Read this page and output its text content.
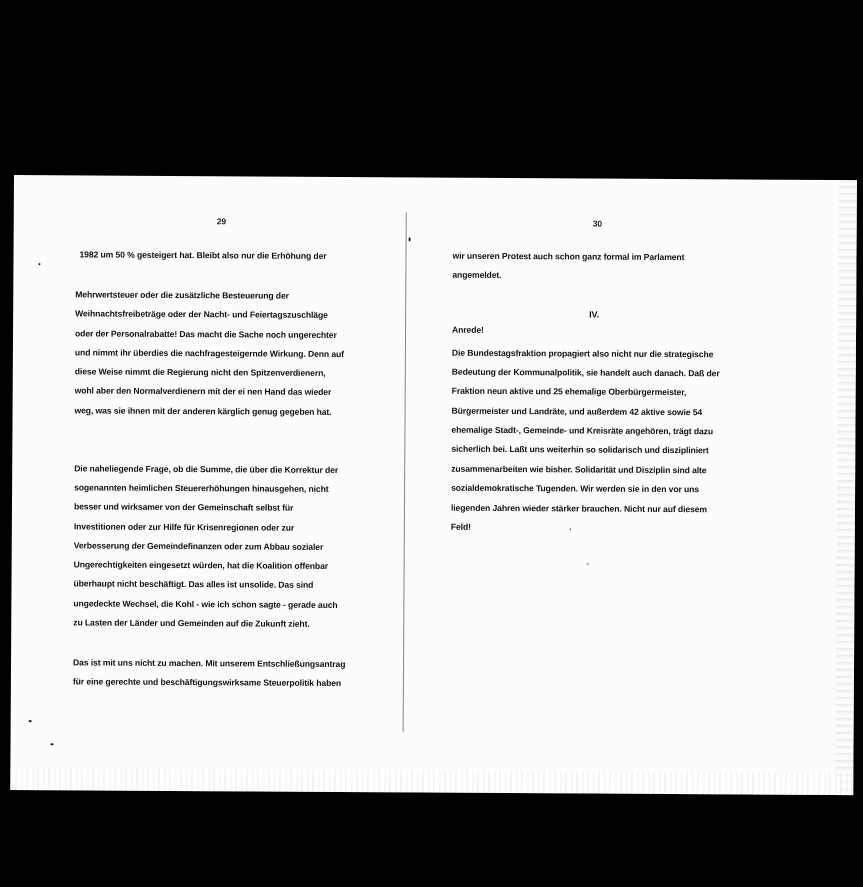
29	30
1982 um 50 % gesteigert hat. Bleibt also nur die Erhöhung der
Mehrwertsteuer oder die zusätzliche Besteuerung der
Weihnachtsfreibeträge oder der Nacht- und Feiertagszuschläge
oder der Personalrabatte! Das macht die Sache noch ungerechter
und nimmt ihr überdies die nachfragesteigernde Wirkung. Denn auf
diese Weise nimmt die Regierung nicht den Spitzenverdienern,
wohl aber den Normalverdienern mit der ei nen Hand das wieder
weg, was sie ihnen mit der anderen kärglich genug gegeben hat.
Die naheliegende Frage, ob die Summe, die über die Korrektur der
sogenannten heimlichen Steuererhöhungen hinausgehen, nicht
besser und wirksamer von der Gemeinschaft selbst für
Investitionen oder zur Hilfe für Krisenregionen oder zur
Verbesserung der Gemeindefinanzen oder zum Abbau sozialer
Ungerechtigkeiten eingesetzt würden, hat die Koalition offenbar
überhaupt nicht beschäftigt. Das alles ist unsolide. Das sind
ungedeckte Wechsel, die Kohl - wie ich schon sagte - gerade auch
zu Lasten der Länder und Gemeinden auf die Zukunft zieht.
Das ist mit uns nicht zu machen. Mit unserem Entschließungsantrag
für eine gerechte und beschäftigungswirksame Steuerpolitik haben
wir unseren Protest auch schon ganz formal im Parlament
angemeldet.
IV.
Anrede!
Die Bundestagsfraktion propagiert also nicht nur die strategische
Bedeutung der Kommunalpolitik, sie handelt auch danach. Daß der
Fraktion neun aktive und 25 ehemalige Oberbürgermeister,
Bürgermeister und Landräte, und außerdem 42 aktive sowie 54
ehemalige Stadt-, Gemeinde- und Kreisräte angehören, trägt dazu
sicherlich bei. Laßt uns weiterhin so solidarisch und diszipliniert
zusammenarbeiten wie bisher. Solidarität und Disziplin sind alte
sozialdemokratische Tugenden. Wir werden sie in den vor uns
liegenden Jahren wieder stärker brauchen. Nicht nur auf diesem
Feld!
